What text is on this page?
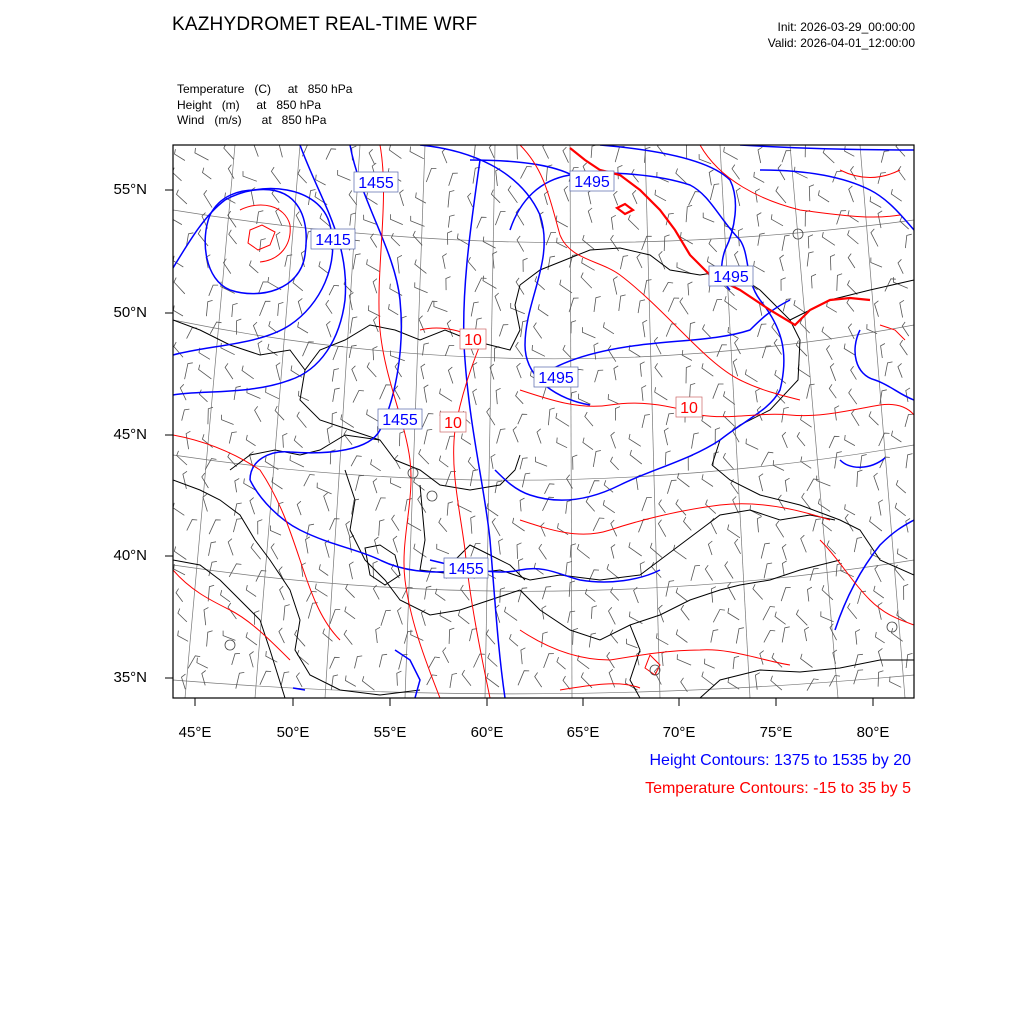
KAZHYDROMET REAL-TIME WRF	Init: 2026-03-29_00:00:00
Valid: 2026-04-01_12:00:00
Temperature   (C)     at   850 hPa
Height   (m)     at   850 hPa
Wind   (m/s)      at   850 hPa
1455
1415
1495
1495
1495
1455
1455
10
10
10
55°N
50°N
45°N
40°N
35°N
45°E	50°E	55°E	60°E	65°E	70°E	75°E	80°E
Height Contours: 1375 to 1535 by 20
Temperature Contours: -15 to 35 by 5
